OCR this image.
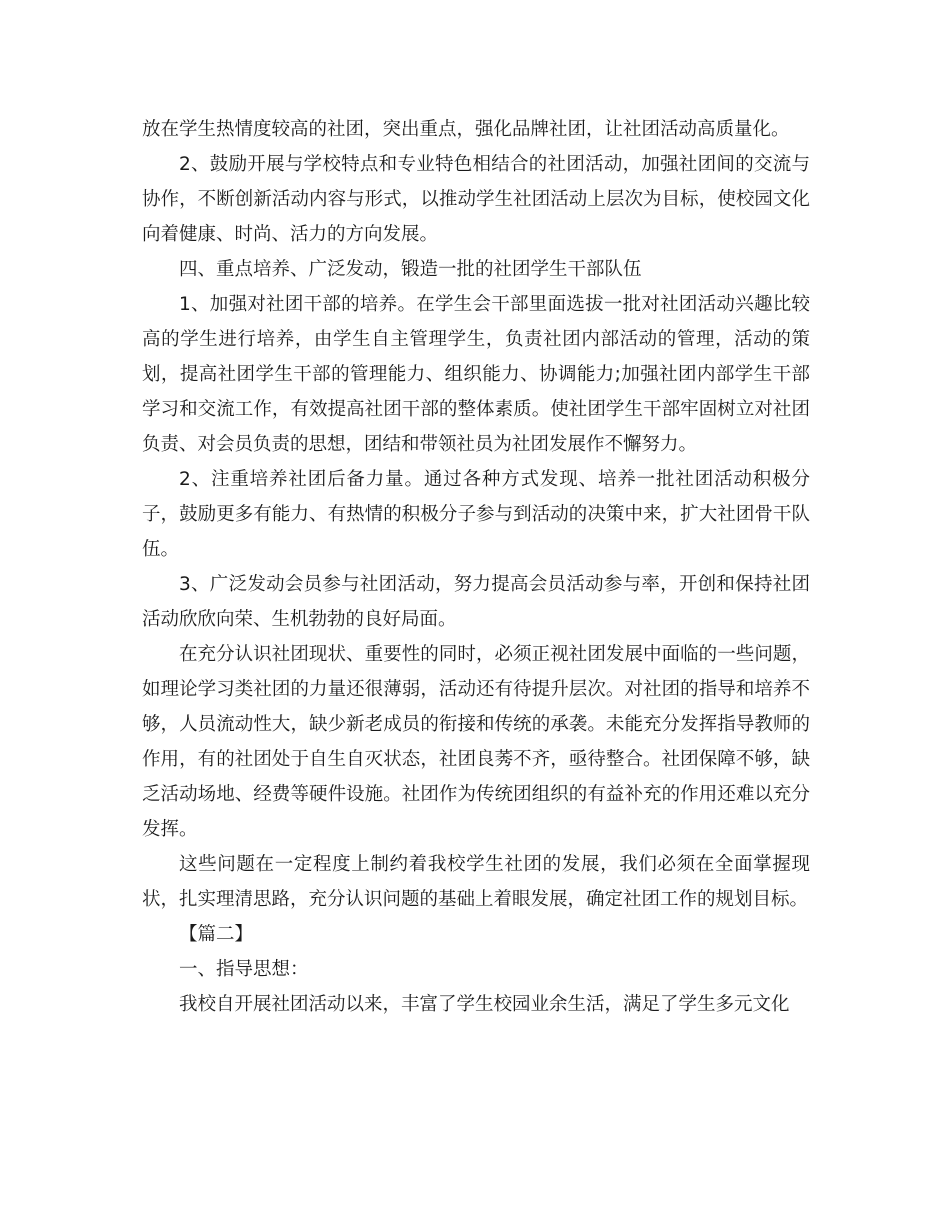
放在学生热情度较高的社团，突出重点，强化品牌社团，让社团活动高质量化。

2、鼓励开展与学校特点和专业特色相结合的社团活动，加强社团间的交流与协作，不断创新活动内容与形式，以推动学生社团活动上层次为目标，使校园文化向着健康、时尚、活力的方向发展。

四、重点培养、广泛发动，锻造一批的社团学生干部队伍

1、加强对社团干部的培养。在学生会干部里面选拔一批对社团活动兴趣比较高的学生进行培养，由学生自主管理学生，负责社团内部活动的管理，活动的策划，提高社团学生干部的管理能力、组织能力、协调能力;加强社团内部学生干部学习和交流工作，有效提高社团干部的整体素质。使社团学生干部牢固树立对社团负责、对会员负责的思想，团结和带领社员为社团发展作不懈努力。

2、注重培养社团后备力量。通过各种方式发现、培养一批社团活动积极分子，鼓励更多有能力、有热情的积极分子参与到活动的决策中来，扩大社团骨干队伍。

3、广泛发动会员参与社团活动，努力提高会员活动参与率，开创和保持社团活动欣欣向荣、生机勃勃的良好局面。

在充分认识社团现状、重要性的同时，必须正视社团发展中面临的一些问题，如理论学习类社团的力量还很薄弱，活动还有待提升层次。对社团的指导和培养不够，人员流动性大，缺少新老成员的衔接和传统的承袭。未能充分发挥指导教师的作用，有的社团处于自生自灭状态，社团良莠不齐，亟待整合。社团保障不够，缺乏活动场地、经费等硬件设施。社团作为传统团组织的有益补充的作用还难以充分发挥。

这些问题在一定程度上制约着我校学生社团的发展，我们必须在全面掌握现状，扎实理清思路，充分认识问题的基础上着眼发展，确定社团工作的规划目标。

【篇二】

一、指导思想：

我校自开展社团活动以来，丰富了学生校园业余生活，满足了学生多元文化
